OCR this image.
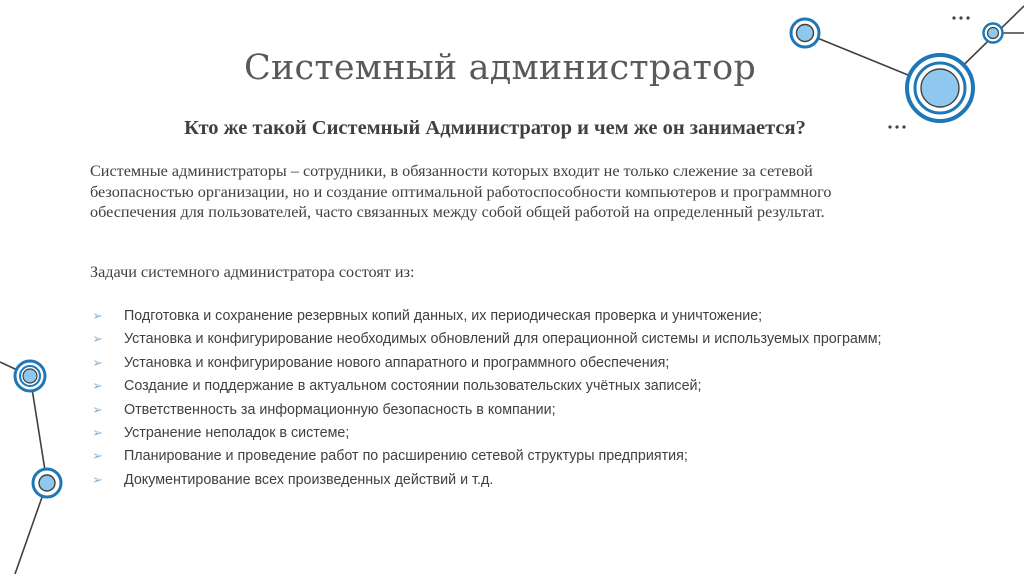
Системный администратор
Кто же такой Системный Администратор и чем же он занимается?

Системные администраторы – сотрудники, в обязанности которых входит не только слежение за сетевой безопасностью организации, но и создание оптимальной работоспособности компьютеров и программного обеспечения для пользователей, часто связанных между собой общей работой на определенный результат.

Задачи системного администратора состоят из:

➢ Подготовка и сохранение резервных копий данных, их периодическая проверка и уничтожение;
➢ Установка и конфигурирование необходимых обновлений для операционной системы и используемых программ;
➢ Установка и конфигурирование нового аппаратного и программного обеспечения;
➢ Создание и поддержание в актуальном состоянии пользовательских учётных записей;
➢ Ответственность за информационную безопасность в компании;
➢ Устранение неполадок в системе;
➢ Планирование и проведение работ по расширению сетевой структуры предприятия;
➢ Документирование всех произведенных действий и т.д.
